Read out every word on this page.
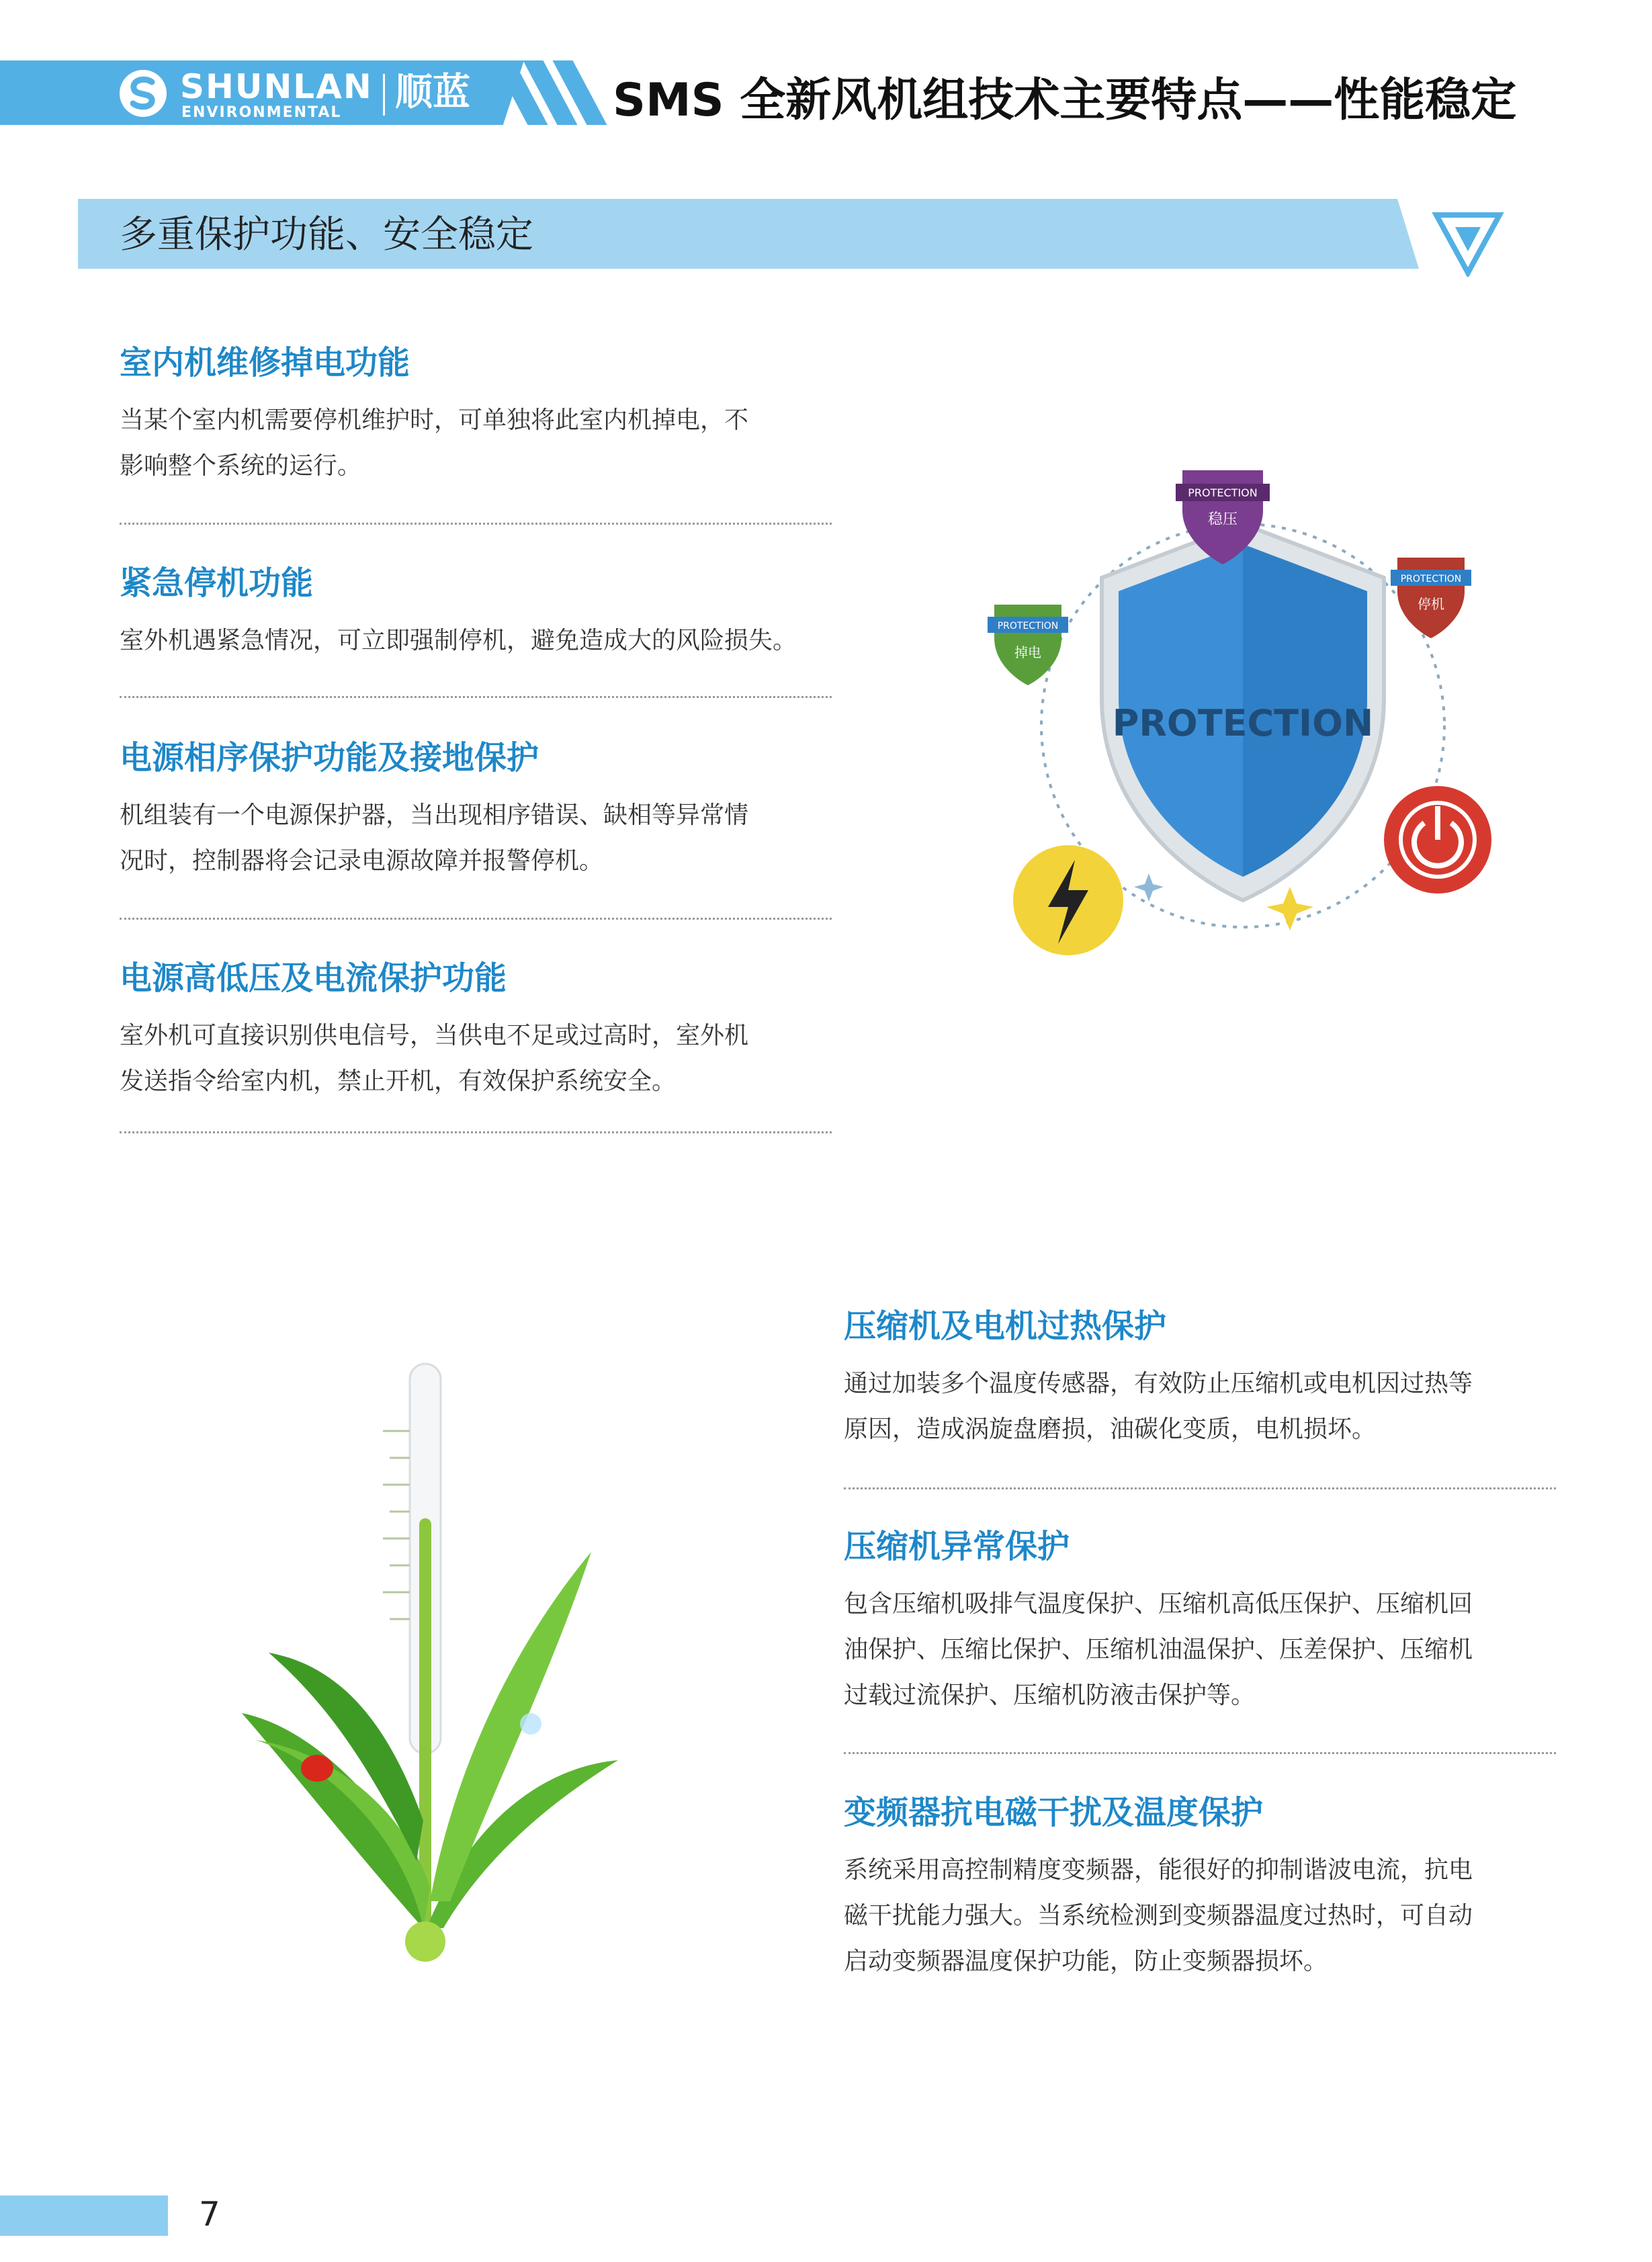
SHUNLAN
ENVIRONMENTAL 顺蓝	SMS 全新风机组技术主要特点——性能稳定
多重保护功能、安全稳定
室内机维修掉电功能

当某个室内机需要停机维护时，可单独将此室内机掉电，不
影响整个系统的运行。

紧急停机功能

室外机遇紧急情况，可立即强制停机，避免造成大的风险损失。

电源相序保护功能及接地保护

机组装有一个电源保护器，当出现相序错误、缺相等异常情
况时，控制器将会记录电源故障并报警停机。

电源高低压及电流保护功能

室外机可直接识别供电信号，当供电不足或过高时，室外机
发送指令给室内机，禁止开机，有效保护系统安全。

PROTECTION
PROTECTION
稳压
PROTECTION
停机
PROTECTION
掉电
压缩机及电机过热保护

通过加装多个温度传感器，有效防止压缩机或电机因过热等
原因，造成涡旋盘磨损，油碳化变质，电机损坏。

压缩机异常保护

包含压缩机吸排气温度保护、压缩机高低压保护、压缩机回
油保护、压缩比保护、压缩机油温保护、压差保护、压缩机
过载过流保护、压缩机防液击保护等。

变频器抗电磁干扰及温度保护

系统采用高控制精度变频器，能很好的抑制谐波电流，抗电
磁干扰能力强大。当系统检测到变频器温度过热时，可自动
启动变频器温度保护功能，防止变频器损坏。

7
